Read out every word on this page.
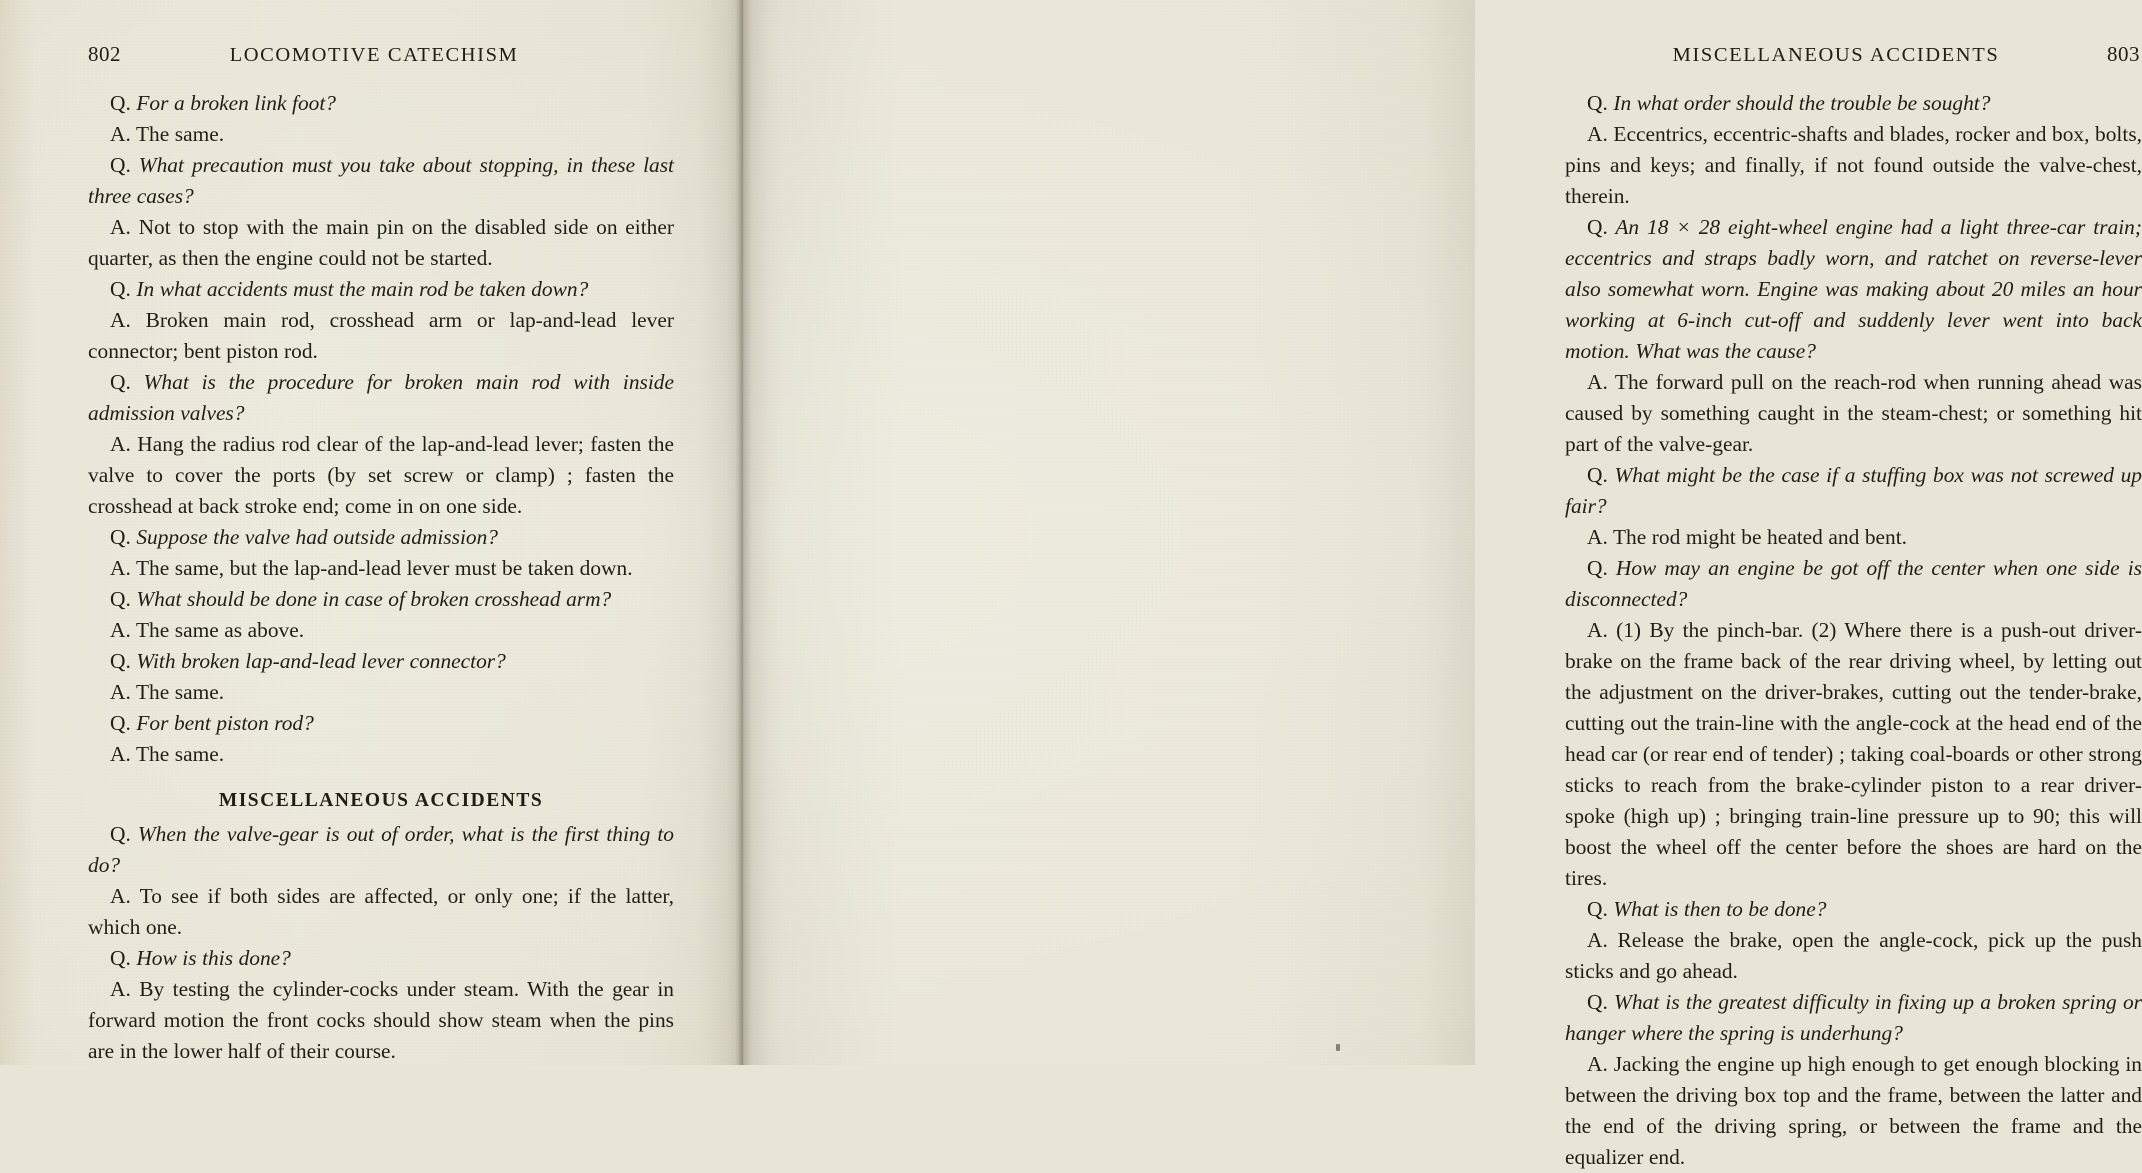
802	LOCOMOTIVE CATECHISM

Q. For a broken link foot?

A. The same.

Q. What precaution must you take about stopping, in these last three cases?

A. Not to stop with the main pin on the disabled side on either quarter, as then the engine could not be started.

Q. In what accidents must the main rod be taken down?

A. Broken main rod, crosshead arm or lap-and-lead lever connector; bent piston rod.

Q. What is the procedure for broken main rod with inside admission valves?

A. Hang the radius rod clear of the lap-and-lead lever; fasten the valve to cover the ports (by set screw or clamp) ; fasten the crosshead at back stroke end; come in on one side.

Q. Suppose the valve had outside admission?

A. The same, but the lap-and-lead lever must be taken down.

Q. What should be done in case of broken crosshead arm?

A. The same as above.

Q. With broken lap-and-lead lever connector?

A. The same.

Q. For bent piston rod?

A. The same.

MISCELLANEOUS ACCIDENTS

Q. When the valve-gear is out of order, what is the first thing to do?

A. To see if both sides are affected, or only one; if the latter, which one.

Q. How is this done?

A. By testing the cylinder-cocks under steam. With the gear in forward motion the front cocks should show steam when the pins are in the lower half of their course.

MISCELLANEOUS ACCIDENTS	803

Q. In what order should the trouble be sought?

A. Eccentrics, eccentric-shafts and blades, rocker and box, bolts, pins and keys; and finally, if not found outside the valve-chest, therein.

Q. An 18 × 28 eight-wheel engine had a light three-car train; eccentrics and straps badly worn, and ratchet on reverse-lever also somewhat worn. Engine was making about 20 miles an hour working at 6-inch cut-off and suddenly lever went into back motion. What was the cause?

A. The forward pull on the reach-rod when running ahead was caused by something caught in the steam-chest; or something hit part of the valve-gear.

Q. What might be the case if a stuffing box was not screwed up fair?

A. The rod might be heated and bent.

Q. How may an engine be got off the center when one side is disconnected?

A. (1) By the pinch-bar. (2) Where there is a push-out driver-brake on the frame back of the rear driving wheel, by letting out the adjustment on the driver-brakes, cutting out the tender-brake, cutting out the train-line with the angle-cock at the head end of the head car (or rear end of tender) ; taking coal-boards or other strong sticks to reach from the brake-cylinder piston to a rear driver-spoke (high up) ; bringing train-line pressure up to 90; this will boost the wheel off the center before the shoes are hard on the tires.

Q. What is then to be done?

A. Release the brake, open the angle-cock, pick up the push sticks and go ahead.

Q. What is the greatest difficulty in fixing up a broken spring or hanger where the spring is underhung?

A. Jacking the engine up high enough to get enough blocking in between the driving box top and the frame, between the latter and the end of the driving spring, or between the frame and the equalizer end.
